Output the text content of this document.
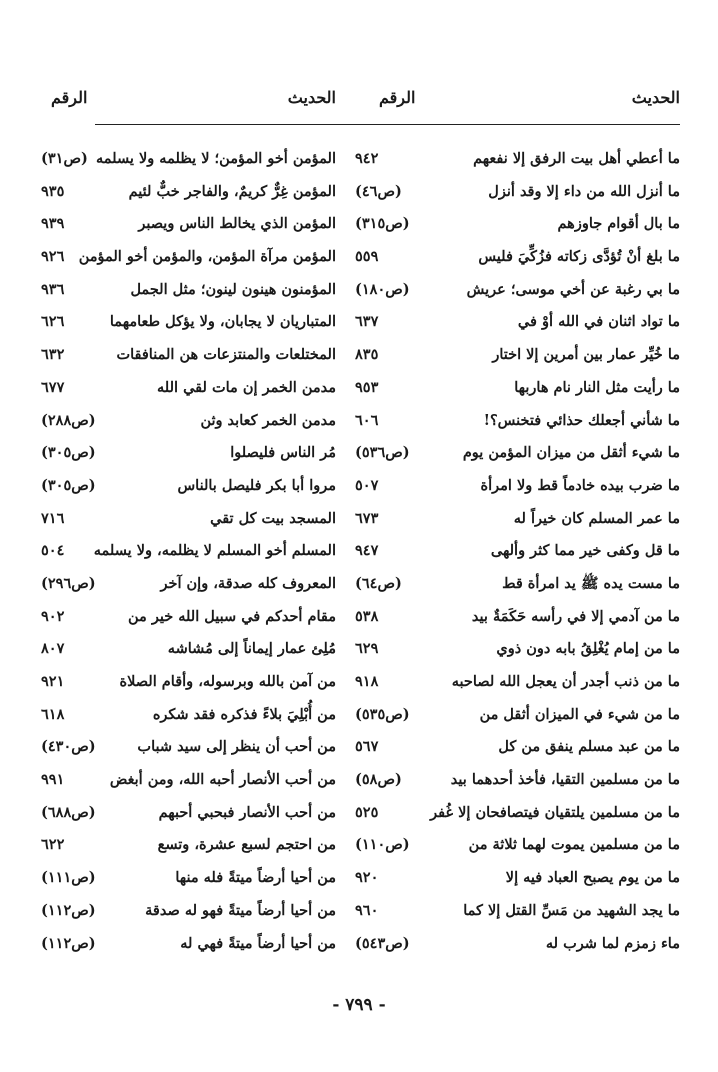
الحديث
الرقم
الحديث
الرقم
ما أعطي أهل بيت الرفق إلا نفعهم
٩٤٢
ما أنزل الله من داء إلا وقد أنزل
(ص٤٦)
ما بال أقوام جاوزهم
(ص٣١٥)
ما بلغ أنْ تُؤدَّى زكاته فزُكِّيَ فليس
٥٥٩
ما بي رغبة عن أخي موسى؛ عريش
(ص١٨٠)
ما تواد اثنان في الله أوْ في
٦٣٧
ما خُيِّر عمار بين أمرين إلا اختار
٨٣٥
ما رأيت مثل النار نام هاربها
٩٥٣
ما شأني أجعلك حذائي فتخنس؟!
٦٠٦
ما شيء أثقل من ميزان المؤمن يوم
(ص٥٣٦)
ما ضرب بيده خادماً قط ولا امرأة
٥٠٧
ما عمر المسلم كان خيراً له
٦٧٣
ما قل وكفى خير مما كثر وألهى
٩٤٧
ما مست يده ﷺ يد امرأة قط
(ص٦٤)
ما من آدمي إلا في رأسه حَكَمَةٌ بيد
٥٣٨
ما من إمام يُغْلِقُ بابه دون ذوي
٦٢٩
ما من ذنب أجدر أن يعجل الله لصاحبه
٩١٨
ما من شيء في الميزان أثقل من
(ص٥٣٥)
ما من عبد مسلم ينفق من كل
٥٦٧
ما من مسلمين التقيا، فأخذ أحدهما بيد
(ص٥٨)
ما من مسلمين يلتقيان فيتصافحان إلا غُفر
٥٢٥
ما من مسلمين يموت لهما ثلاثة من
(ص١١٠)
ما من يوم يصبح العباد فيه إلا
٩٢٠
ما يجد الشهيد من مَسِّ القتل إلا كما
٩٦٠
ماء زمزم لما شرب له
(ص٥٤٣)
المؤمن أخو المؤمن؛ لا يظلمه ولا يسلمه
(ص٣١)
المؤمن غِرٌّ كريمٌ، والفاجر خبٌّ لئيم
٩٣٥
المؤمن الذي يخالط الناس ويصبر
٩٣٩
المؤمن مرآة المؤمن، والمؤمن أخو المؤمن
٩٢٦
المؤمنون هينون لينون؛ مثل الجمل
٩٣٦
المتباريان لا يجابان، ولا يؤكل طعامهما
٦٢٦
المختلعات والمنتزعات هن المنافقات
٦٣٢
مدمن الخمر إن مات لقي الله
٦٧٧
مدمن الخمر كعابد وثن
(ص٢٨٨)
مُر الناس فليصلوا
(ص٣٠٥)
مروا أبا بكر فليصل بالناس
(ص٣٠٥)
المسجد بيت كل تقي
٧١٦
المسلم أخو المسلم لا يظلمه، ولا يسلمه
٥٠٤
المعروف كله صدقة، وإن آخر
(ص٢٩٦)
مقام أحدكم في سبيل الله خير من
٩٠٢
مُلِئ عمار إيماناً إلى مُشاشه
٨٠٧
من آمن بالله وبرسوله، وأقام الصلاة
٩٢١
من أُبْلِيَ بلاءً فذكره فقد شكره
٦١٨
من أحب أن ينظر إلى سيد شباب
(ص٤٣٠)
من أحب الأنصار أحبه الله، ومن أبغض
٩٩١
من أحب الأنصار فبحبي أحبهم
(ص٦٨٨)
من احتجم لسبع عشرة، وتسع
٦٢٢
من أحيا أرضاً ميتةً فله منها
(ص١١١)
من أحيا أرضاً ميتةً فهو له صدقة
(ص١١٢)
من أحيا أرضاً ميتةً فهي له
(ص١١٢)
- ٧٩٩ -
